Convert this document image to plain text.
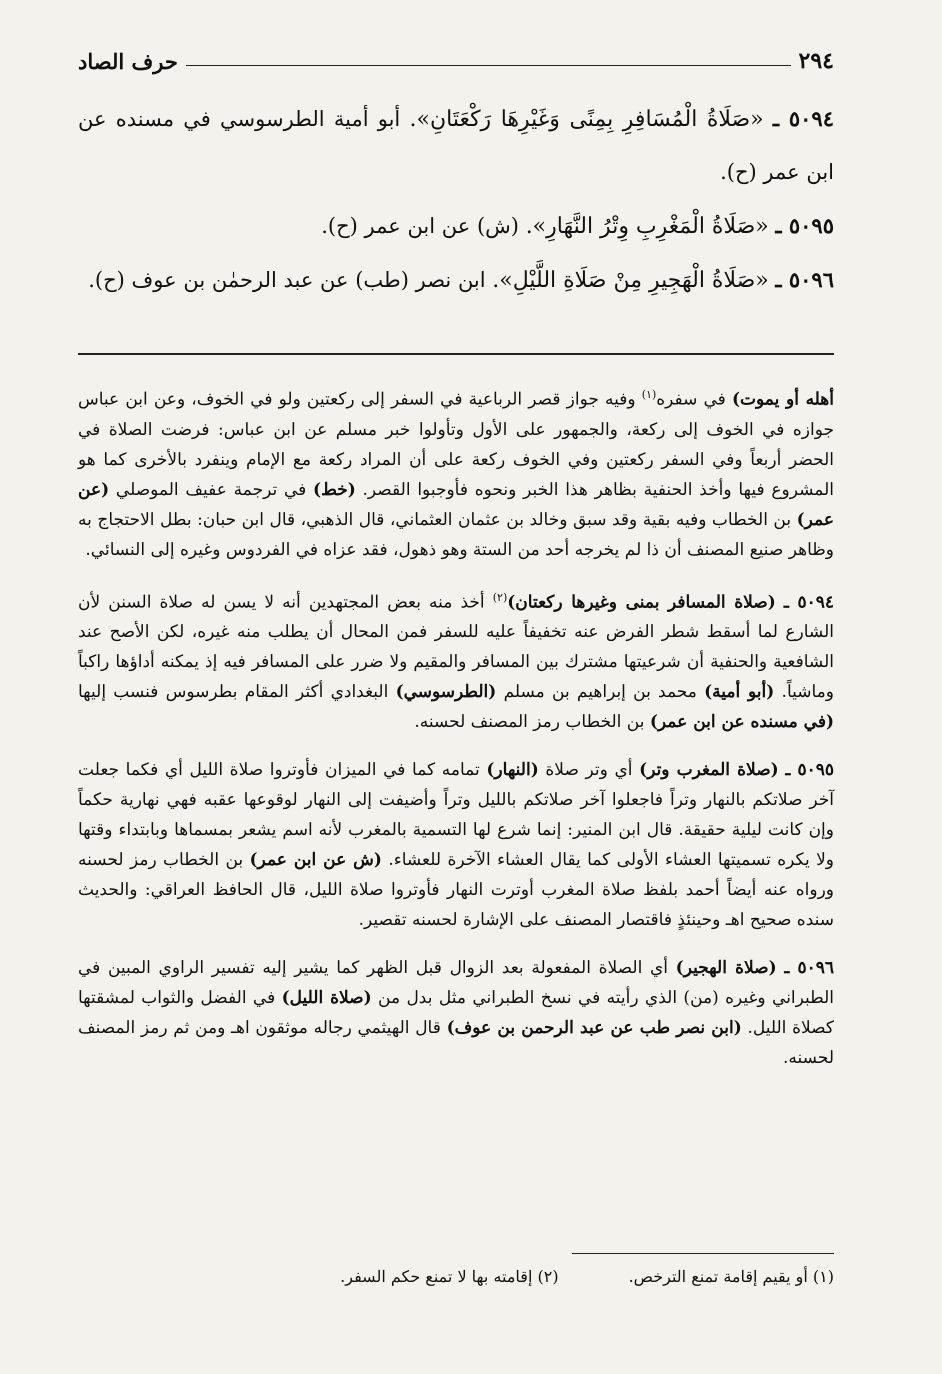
٢٩٤
حرف الصاد

٥٠٩٤ ـ «صَلَاةُ الْمُسَافِرِ بِمِنًى وَغَيْرِهَا رَكْعَتَانِ». أبو أمية الطرسوسي في مسنده عن ابن عمر (ح).

٥٠٩٥ ـ «صَلَاةُ الْمَغْرِبِ وِتْرُ النَّهَارِ». (ش) عن ابن عمر (ح).

٥٠٩٦ ـ «صَلَاةُ الْهَجِيرِ مِنْ صَلَاةِ اللَّيْلِ». ابن نصر (طب) عن عبد الرحمٰن بن عوف (ح).

أهله أو يموت) في سفره$^{(١)}$ وفيه جواز قصر الرباعية في السفر إلى ركعتين ولو في الخوف، وعن ابن عباس جوازه في الخوف إلى ركعة، والجمهور على الأول وتأولوا خبر مسلم عن ابن عباس: فرضت الصلاة في الحضر أربعاً وفي السفر ركعتين وفي الخوف ركعة على أن المراد ركعة مع الإمام وينفرد بالأخرى كما هو المشروع فيها وأخذ الحنفية بظاهر هذا الخبر ونحوه فأوجبوا القصر. (خط) في ترجمة عفيف الموصلي (عن عمر) بن الخطاب وفيه بقية وقد سبق وخالد بن عثمان العثماني، قال الذهبي، قال ابن حبان: بطل الاحتجاج به وظاهر صنيع المصنف أن ذا لم يخرجه أحد من الستة وهو ذهول، فقد عزاه في الفردوس وغيره إلى النسائي.

٥٠٩٤ ـ (صلاة المسافر بمنى وغيرها ركعتان)$^{(٢)}$ أخذ منه بعض المجتهدين أنه لا يسن له صلاة السنن لأن الشارع لما أسقط شطر الفرض عنه تخفيفاً عليه للسفر فمن المحال أن يطلب منه غيره، لكن الأصح عند الشافعية والحنفية أن شرعيتها مشترك بين المسافر والمقيم ولا ضرر على المسافر فيه إذ يمكنه أداؤها راكباً وماشياً. (أبو أمية) محمد بن إبراهيم بن مسلم (الطرسوسي) البغدادي أكثر المقام بطرسوس فنسب إليها (في مسنده عن ابن عمر) بن الخطاب رمز المصنف لحسنه.

٥٠٩٥ ـ (صلاة المغرب وتر) أي وتر صلاة (النهار) تمامه كما في الميزان فأوتروا صلاة الليل أي فكما جعلت آخر صلاتكم بالنهار وتراً فاجعلوا آخر صلاتكم بالليل وتراً وأضيفت إلى النهار لوقوعها عقبه فهي نهارية حكماً وإن كانت ليلية حقيقة. قال ابن المنير: إنما شرع لها التسمية بالمغرب لأنه اسم يشعر بمسماها وبابتداء وقتها ولا يكره تسميتها العشاء الأولى كما يقال العشاء الآخرة للعشاء. (ش عن ابن عمر) بن الخطاب رمز لحسنه ورواه عنه أيضاً أحمد بلفظ صلاة المغرب أوترت النهار فأوتروا صلاة الليل، قال الحافظ العراقي: والحديث سنده صحيح اهـ وحينئذٍ فاقتصار المصنف على الإشارة لحسنه تقصير.

٥٠٩٦ ـ (صلاة الهجير) أي الصلاة المفعولة بعد الزوال قبل الظهر كما يشير إليه تفسير الراوي المبين في الطبراني وغيره (من) الذي رأيته في نسخ الطبراني مثل بدل من (صلاة الليل) في الفضل والثواب لمشقتها كصلاة الليل. (ابن نصر طب عن عبد الرحمن بن عوف) قال الهيثمي رجاله موثقون اهـ ومن ثم رمز المصنف لحسنه.

(١) أو يقيم إقامة تمنع الترخص.
(٢) إقامته بها لا تمنع حكم السفر.
